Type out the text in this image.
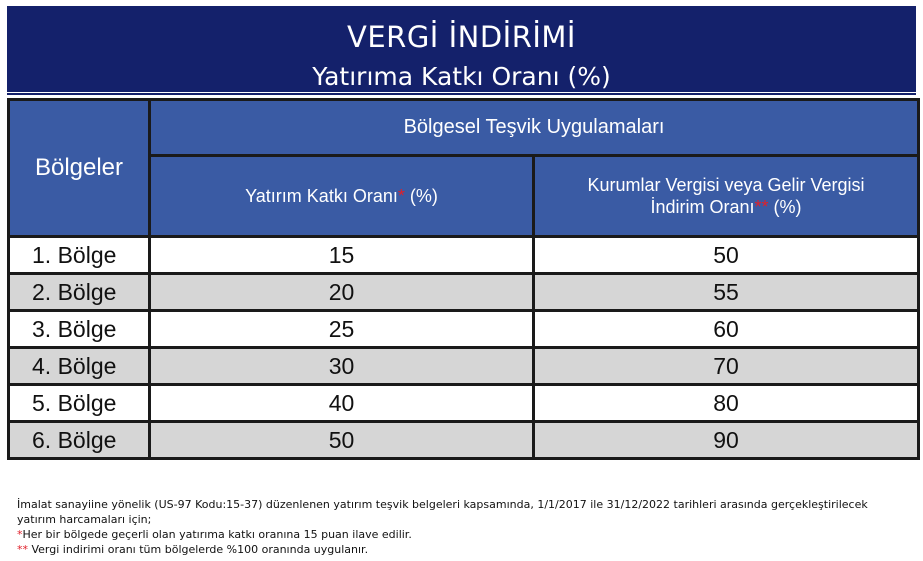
VERGİ İNDİRİMİ
Yatırıma Katkı Oranı (%)
Bölgeler	Bölgesel Teşvik Uygulamaları	
	Yatırım Katkı Oranı* (%)	Kurumlar Vergisi veya Gelir Vergisi
İndirim Oranı** (%)
1. Bölge	15	50
2. Bölge	20	55
3. Bölge	25	60
4. Bölge	30	70
5. Bölge	40	80
6. Bölge	50	90
İmalat sanayiine yönelik (US-97 Kodu:15-37) düzenlenen yatırım teşvik belgeleri kapsamında, 1/1/2017 ile 31/12/2022 tarihleri arasında gerçekleştirilecek yatırım harcamaları için;
*Her bir bölgede geçerli olan yatırıma katkı oranına 15 puan ilave edilir.
** Vergi indirimi oranı tüm bölgelerde %100 oranında uygulanır.
